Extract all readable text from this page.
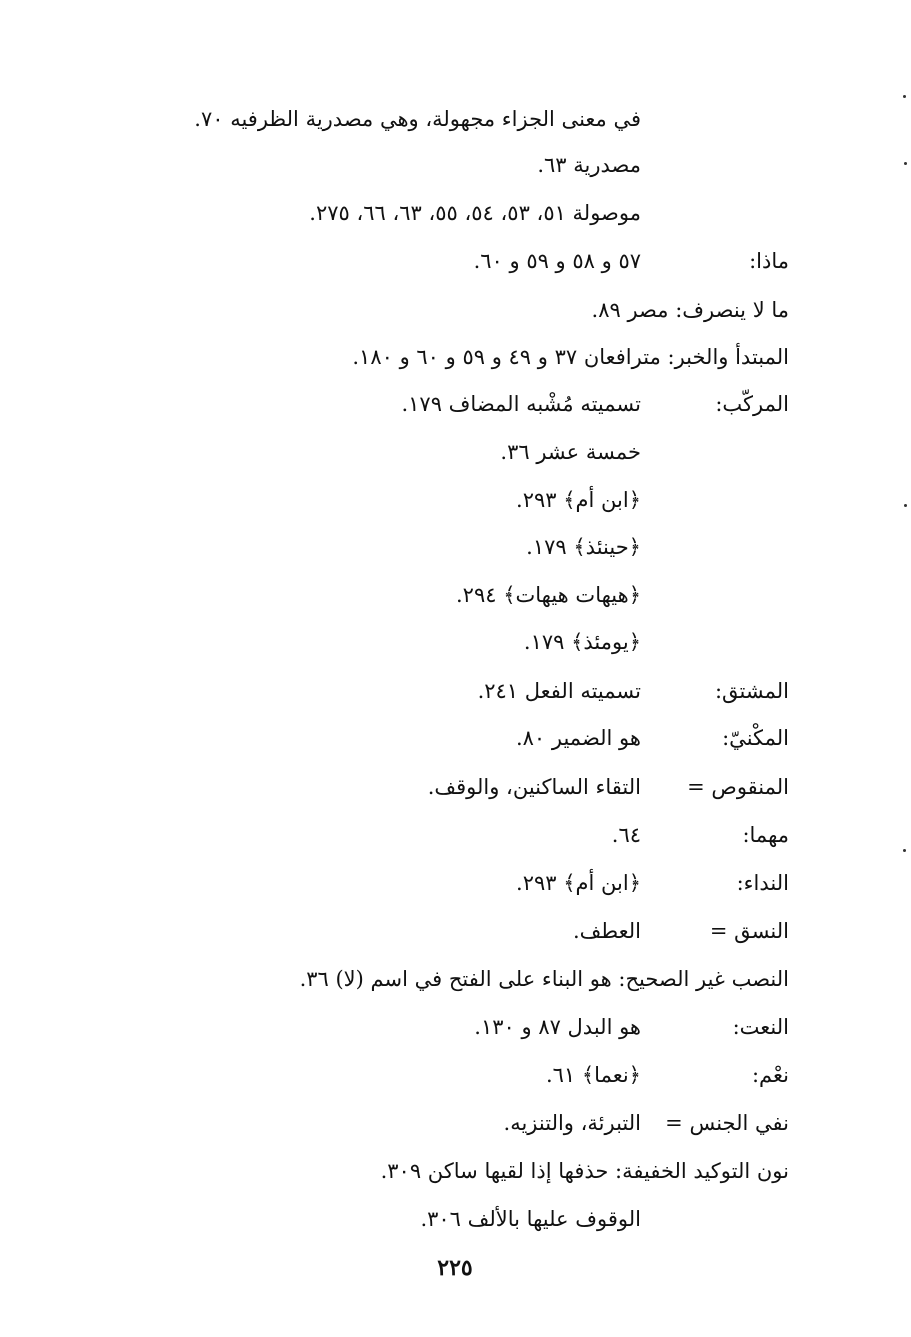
٢٢٥
في معنى الجزاء مجهولة، وهي مصدرية الظرفيه ٧٠.
مصدرية ٦٣.
موصولة ٥١، ٥٣، ٥٤، ٥٥، ٦٣، ٦٦، ٢٧٥.
ماذا:٥٧ و ٥٨ و ٥٩ و ٦٠.
ما لا ينصرف: مصر ٨٩.
المبتدأ والخبر: مترافعان ٣٧ و ٤٩ و ٥٩ و ٦٠ و ١٨٠.
المركّب:تسميته مُشْبه المضاف ١٧٩.
خمسة عشر ٣٦.
﴿ابن أم﴾ ٢٩٣.
﴿حينئذ﴾ ١٧٩.
﴿هيهات هيهات﴾ ٢٩٤.
﴿يومئذ﴾ ١٧٩.
المشتق:تسميته الفعل ٢٤١.
المكْنيّ:هو الضمير ٨٠.
المنقوص =التقاء الساكنين، والوقف.
مهما:٦٤.
النداء:﴿ابن أم﴾ ٢٩٣.
النسق =العطف.
النصب غير الصحيح: هو البناء على الفتح في اسم (لا) ٣٦.
النعت:هو البدل ٨٧ و ١٣٠.
نعْم:﴿نعما﴾ ٦١.
نفي الجنس =التبرئة، والتنزيه.
نون التوكيد الخفيفة: حذفها إذا لقيها ساكن ٣٠٩.
الوقوف عليها بالألف ٣٠٦.
